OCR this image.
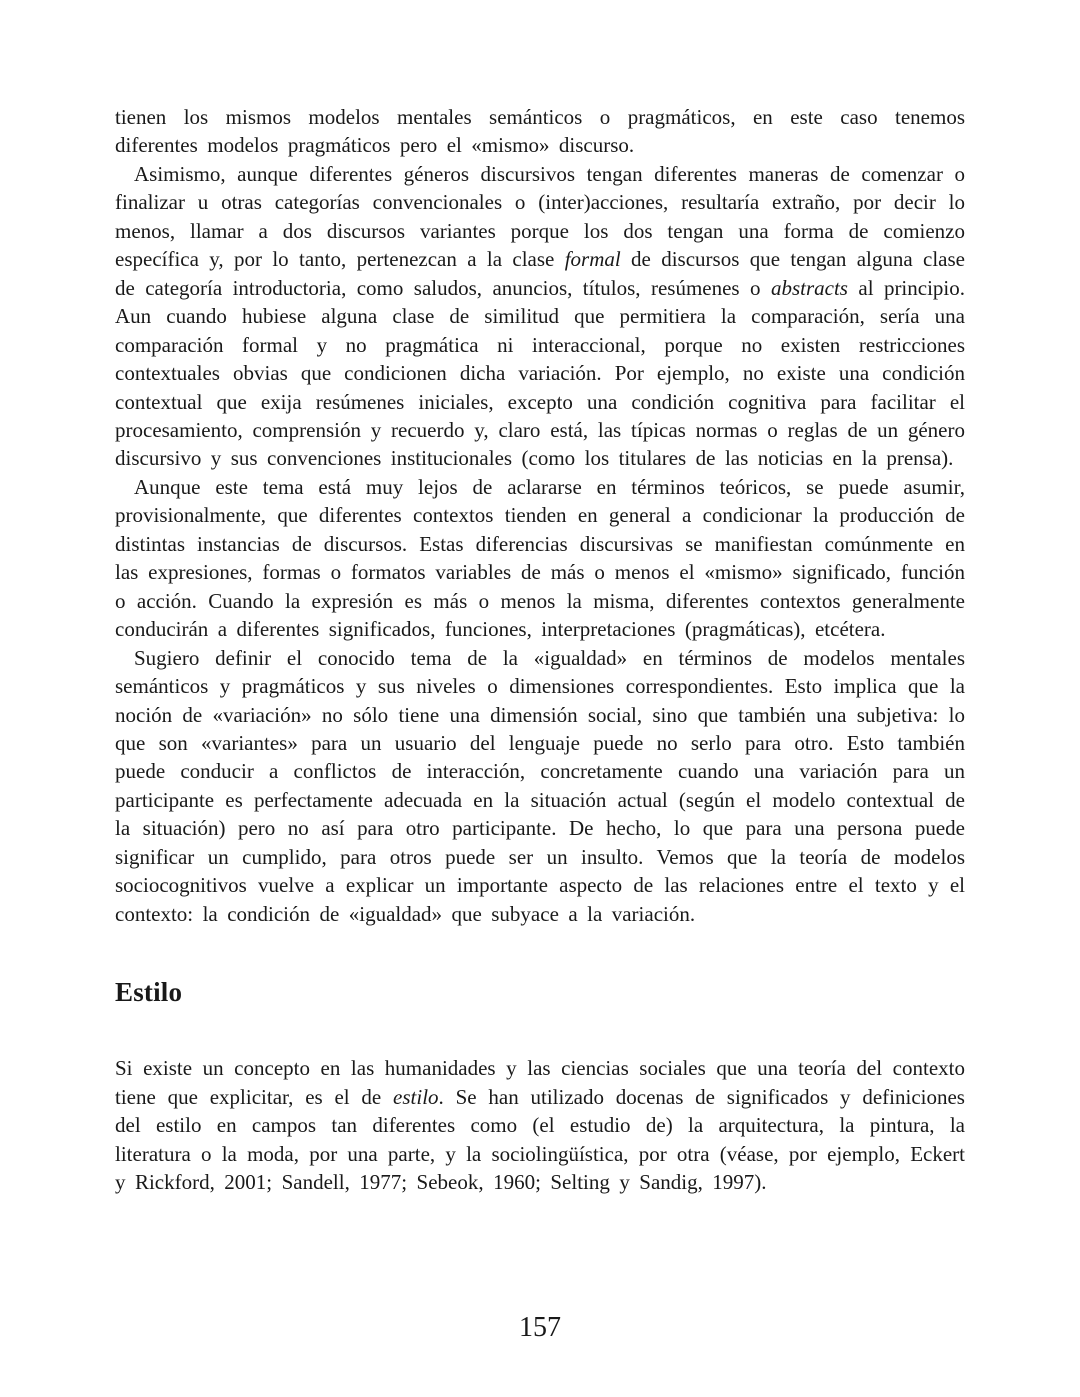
tienen los mismos modelos mentales semánticos o pragmáticos, en este caso tenemos diferentes modelos pragmáticos pero el «mismo» discurso.

Asimismo, aunque diferentes géneros discursivos tengan diferentes maneras de comenzar o finalizar u otras categorías convencionales o (inter)acciones, resultaría extraño, por decir lo menos, llamar a dos discursos variantes porque los dos tengan una forma de comienzo específica y, por lo tanto, pertenezcan a la clase formal de discursos que tengan alguna clase de categoría introductoria, como saludos, anuncios, títulos, resúmenes o abstracts al principio. Aun cuando hubiese alguna clase de similitud que permitiera la comparación, sería una comparación formal y no pragmática ni interaccional, porque no existen restricciones contextuales obvias que condicionen dicha variación. Por ejemplo, no existe una condición contextual que exija resúmenes iniciales, excepto una condición cognitiva para facilitar el procesamiento, comprensión y recuerdo y, claro está, las típicas normas o reglas de un género discursivo y sus convenciones institucionales (como los titulares de las noticias en la prensa).

Aunque este tema está muy lejos de aclararse en términos teóricos, se puede asumir, provisionalmente, que diferentes contextos tienden en general a condicionar la producción de distintas instancias de discursos. Estas diferencias discursivas se manifiestan comúnmente en las expresiones, formas o formatos variables de más o menos el «mismo» significado, función o acción. Cuando la expresión es más o menos la misma, diferentes contextos generalmente conducirán a diferentes significados, funciones, interpretaciones (pragmáticas), etcétera.

Sugiero definir el conocido tema de la «igualdad» en términos de modelos mentales semánticos y pragmáticos y sus niveles o dimensiones correspondientes. Esto implica que la noción de «variación» no sólo tiene una dimensión social, sino que también una subjetiva: lo que son «variantes» para un usuario del lenguaje puede no serlo para otro. Esto también puede conducir a conflictos de interacción, concretamente cuando una variación para un participante es perfectamente adecuada en la situación actual (según el modelo contextual de la situación) pero no así para otro participante. De hecho, lo que para una persona puede significar un cumplido, para otros puede ser un insulto. Vemos que la teoría de modelos sociocognitivos vuelve a explicar un importante aspecto de las relaciones entre el texto y el contexto: la condición de «igualdad» que subyace a la variación.

Estilo

Si existe un concepto en las humanidades y las ciencias sociales que una teoría del contexto tiene que explicitar, es el de estilo. Se han utilizado docenas de significados y definiciones del estilo en campos tan diferentes como (el estudio de) la arquitectura, la pintura, la literatura o la moda, por una parte, y la sociolingüística, por otra (véase, por ejemplo, Eckert y Rickford, 2001; Sandell, 1977; Sebeok, 1960; Selting y Sandig, 1997).

157
